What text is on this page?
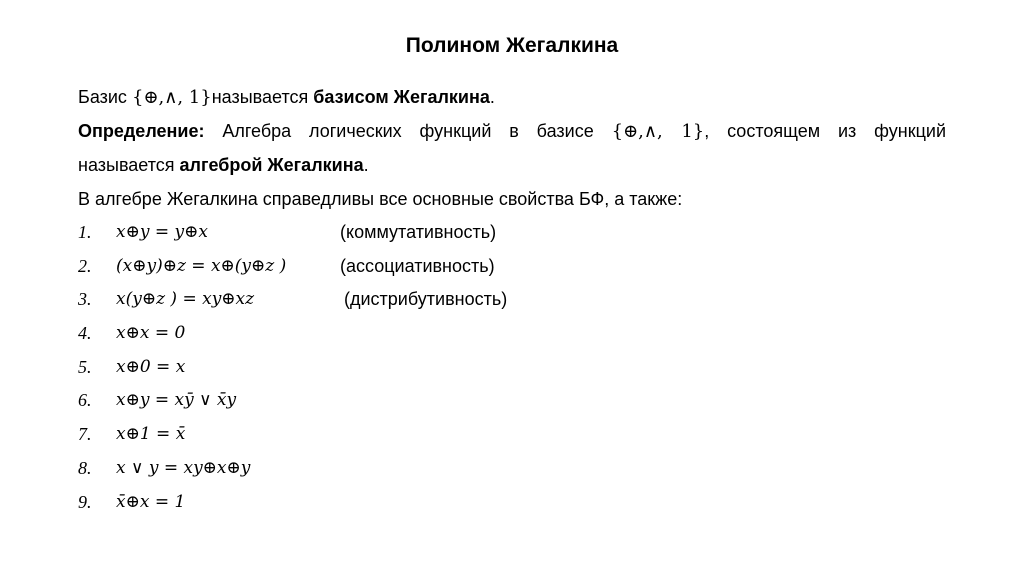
Полином Жегалкина
Базис {⊕,∧, 1}называется базисом Жегалкина.
Определение: Алгебра логических функций в базисе {⊕,∧, 1}, состоящем из функций
называется алгеброй Жегалкина.
В алгебре Жегалкина справедливы все основные свойства БФ, а также:
1. x⊕y = y⊕x	(коммутативность)
2. (x⊕y)⊕z = x⊕(y⊕z )	(ассоциативность)
3. x(y⊕z ) = xy⊕xz	(дистрибутивность)
4. x⊕x = 0
5. x⊕0 = x
6. x⊕y = xȳ ∨ x̄y
7. x⊕1 = x̄
8. x ∨ y = xy⊕x⊕y
9. x̄⊕x = 1
